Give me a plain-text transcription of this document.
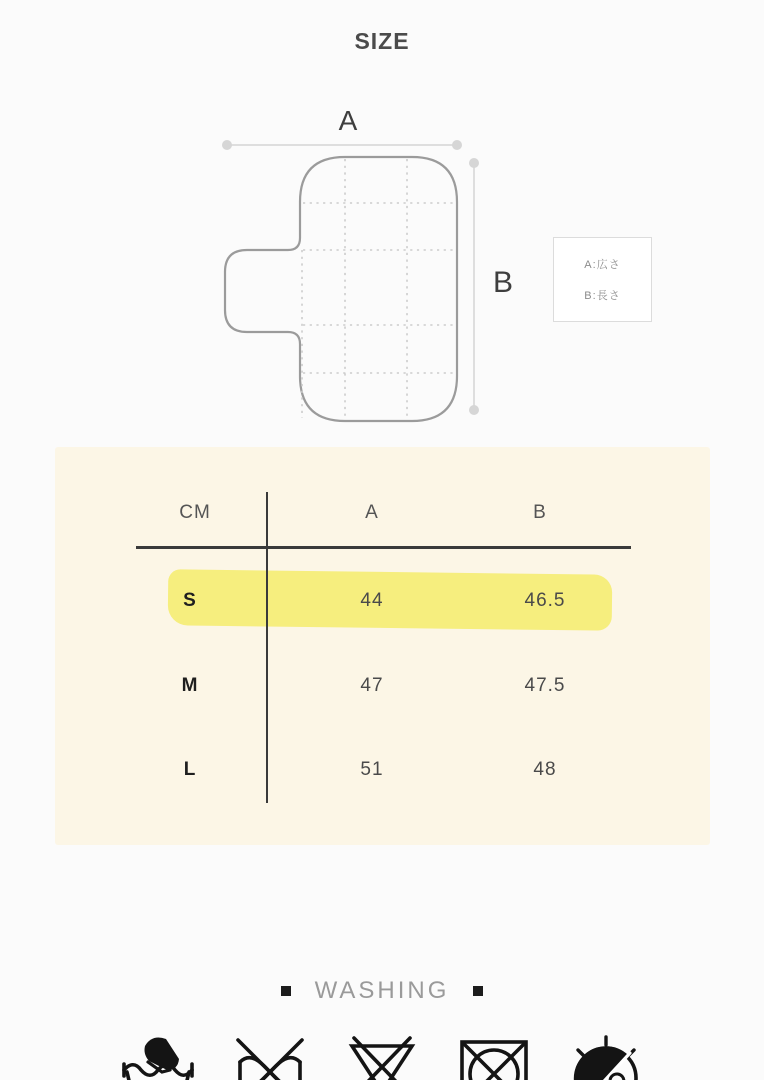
SIZE
A
B
A:広さ
B:長さ
CM	A	B
S	44	46.5
M	47	47.5
L	51	48
WASHING
